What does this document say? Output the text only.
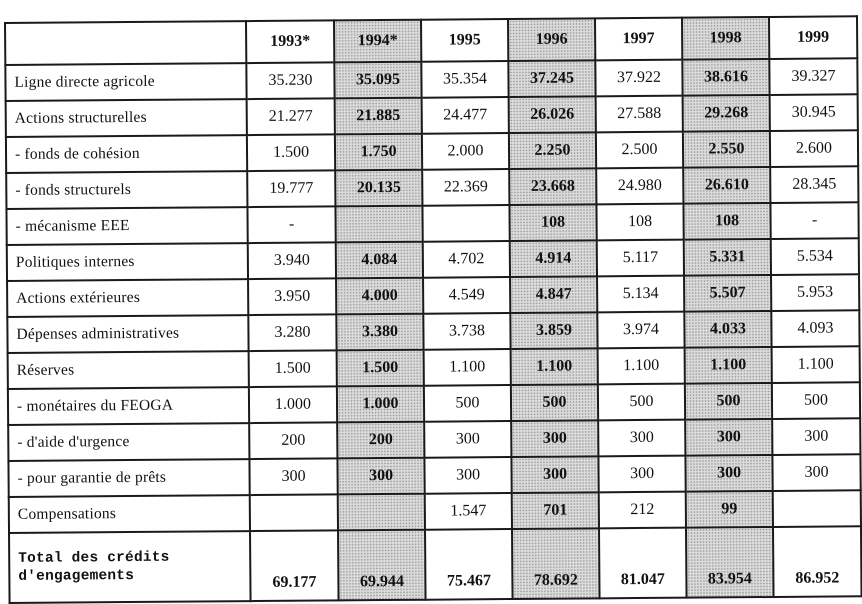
	1993*	1994*	1995	1996	1997	1998	1999
Ligne directe agricole	35.230	35.095	35.354	37.245	37.922	38.616	39.327
Actions structurelles	21.277	21.885	24.477	26.026	27.588	29.268	30.945
- fonds de cohésion	1.500	1.750	2.000	2.250	2.500	2.550	2.600
- fonds structurels	19.777	20.135	22.369	23.668	24.980	26.610	28.345
- mécanisme EEE	-			108	108	108	-
Politiques internes	3.940	4.084	4.702	4.914	5.117	5.331	5.534
Actions extérieures	3.950	4.000	4.549	4.847	5.134	5.507	5.953
Dépenses administratives	3.280	3.380	3.738	3.859	3.974	4.033	4.093
Réserves	1.500	1.500	1.100	1.100	1.100	1.100	1.100
- monétaires du FEOGA	1.000	1.000	500	500	500	500	500
- d'aide d'urgence	200	200	300	300	300	300	300
- pour garantie de prêts	300	300	300	300	300	300	300
Compensations			1.547	701	212	99	
Total des crédits d'engagements	69.177	69.944	75.467	78.692	81.047	83.954	86.952
